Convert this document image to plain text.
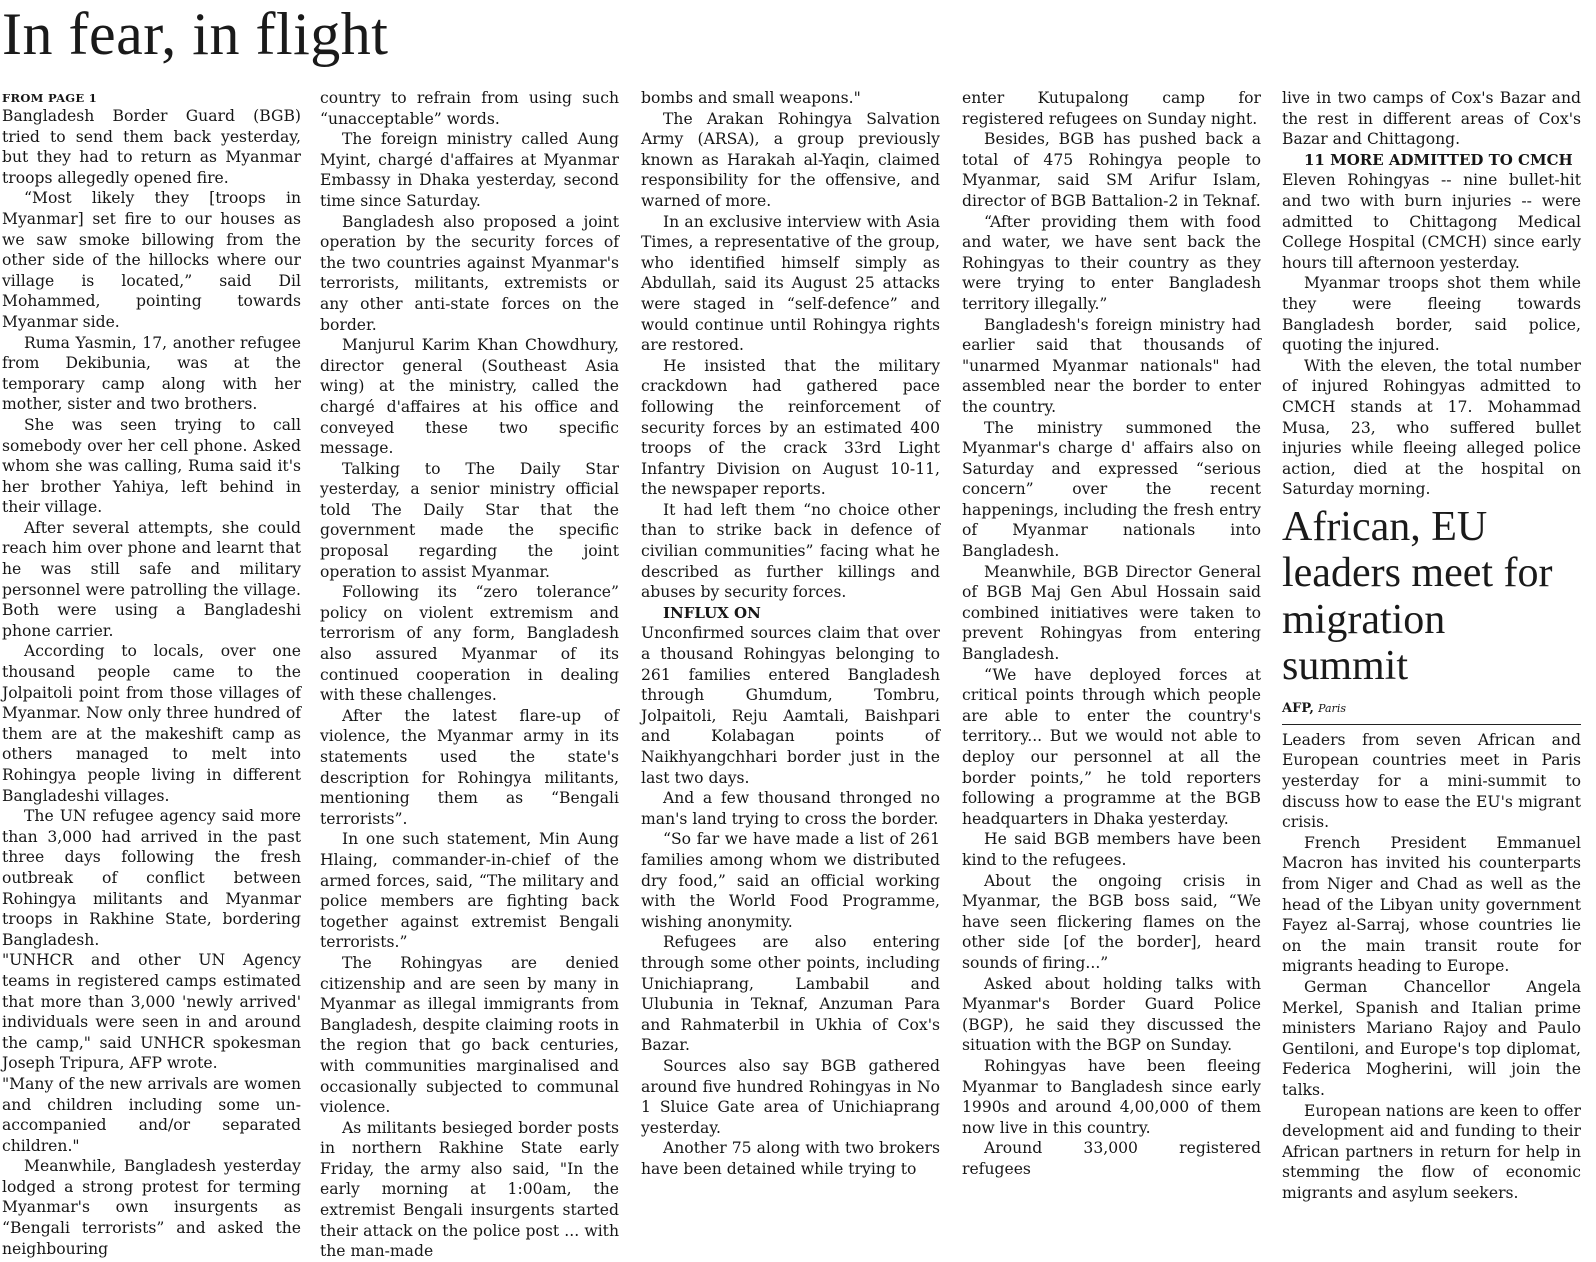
In fear, in flight
FROM PAGE 1

Bangladesh Border Guard (BGB) tried to send them back yesterday, but they had to return as Myanmar troops allegedly opened fire.

“Most likely they [troops in Myanmar] set fire to our houses as we saw smoke billowing from the other side of the hillocks where our village is located,” said Dil Mohammed, pointing towards Myanmar side.

Ruma Yasmin, 17, another refugee from Dekibunia, was at the temporary camp along with her mother, sister and two brothers.

She was seen trying to call somebody over her cell phone. Asked whom she was calling, Ruma said it's her brother Yahiya, left behind in their village.

After several attempts, she could reach him over phone and learnt that he was still safe and military personnel were patrolling the village. Both were using a Bangladeshi phone carrier.

According to locals, over one thousand people came to the Jolpaitoli point from those villages of Myanmar. Now only three hundred of them are at the makeshift camp as others managed to melt into Rohingya people living in different Bangladeshi villages.

The UN refugee agency said more than 3,000 had arrived in the past three days following the fresh outbreak of conflict between Rohingya militants and Myanmar troops in Rakhine State, bordering Bangladesh.

"UNHCR and other UN Agency teams in registered camps estimated that more than 3,000 'newly arrived' individuals were seen in and around the camp," said UNHCR spokesman Joseph Tripura, AFP wrote.

"Many of the new arrivals are women and children including some un-accompanied and/or separated children."

Meanwhile, Bangladesh yesterday lodged a strong protest for terming Myanmar's own insurgents as “Bengali terrorists” and asked the neighbouring

country to refrain from using such “unacceptable” words.

The foreign ministry called Aung Myint, chargé d'affaires at Myanmar Embassy in Dhaka yesterday, second time since Saturday.

Bangladesh also proposed a joint operation by the security forces of the two countries against Myanmar's terrorists, militants, extremists or any other anti-state forces on the border.

Manjurul Karim Khan Chowdhury, director general (Southeast Asia wing) at the ministry, called the chargé d'affaires at his office and conveyed these two specific message.

Talking to The Daily Star yesterday, a senior ministry official told The Daily Star that the government made the specific proposal regarding the joint operation to assist Myanmar.

Following its “zero tolerance” policy on violent extremism and terrorism of any form, Bangladesh also assured Myanmar of its continued cooperation in dealing with these challenges.

After the latest flare-up of violence, the Myanmar army in its statements used the state's description for Rohingya militants, mentioning them as “Bengali terrorists”.

In one such statement, Min Aung Hlaing, commander-in-chief of the armed forces, said, “The military and police members are fighting back together against extremist Bengali terrorists.”

The Rohingyas are denied citizenship and are seen by many in Myanmar as illegal immigrants from Bangladesh, despite claiming roots in the region that go back centuries, with communities marginalised and occasionally subjected to communal violence.

As militants besieged border posts in northern Rakhine State early Friday, the army also said, "In the early morning at 1:00am, the extremist Bengali insurgents started their attack on the police post ... with the man-made

bombs and small weapons."

The Arakan Rohingya Salvation Army (ARSA), a group previously known as Harakah al-Yaqin, claimed responsibility for the offensive, and warned of more.

In an exclusive interview with Asia Times, a representative of the group, who identified himself simply as Abdullah, said its August 25 attacks were staged in “self-defence” and would continue until Rohingya rights are restored.

He insisted that the military crackdown had gathered pace following the reinforcement of security forces by an estimated 400 troops of the crack 33rd Light Infantry Division on August 10-11, the newspaper reports.

It had left them “no choice other than to strike back in defence of civilian communities” facing what he described as further killings and abuses by security forces.

INFLUX ON

Unconfirmed sources claim that over a thousand Rohingyas belonging to 261 families entered Bangladesh through Ghumdum, Tombru, Jolpaitoli, Reju Aamtali, Baishpari and Kolabagan points of Naikhyangchhari border just in the last two days.

And a few thousand thronged no man's land trying to cross the border.

“So far we have made a list of 261 families among whom we distributed dry food,” said an official working with the World Food Programme, wishing anonymity.

Refugees are also entering through some other points, including Unichiaprang, Lambabil and Ulubunia in Teknaf, Anzuman Para and Rahmaterbil in Ukhia of Cox's Bazar.

Sources also say BGB gathered around five hundred Rohingyas in No 1 Sluice Gate area of Unichiaprang yesterday.

Another 75 along with two brokers have been detained while trying to

enter Kutupalong camp for registered refugees on Sunday night.

Besides, BGB has pushed back a total of 475 Rohingya people to Myanmar, said SM Arifur Islam, director of BGB Battalion-2 in Teknaf.

“After providing them with food and water, we have sent back the Rohingyas to their country as they were trying to enter Bangladesh territory illegally.”

Bangladesh's foreign ministry had earlier said that thousands of "unarmed Myanmar nationals" had assembled near the border to enter the country.

The ministry summoned the Myanmar's charge d' affairs also on Saturday and expressed “serious concern” over the recent happenings, including the fresh entry of Myanmar nationals into Bangladesh.

Meanwhile, BGB Director General of BGB Maj Gen Abul Hossain said combined initiatives were taken to prevent Rohingyas from entering Bangladesh.

“We have deployed forces at critical points through which people are able to enter the country's territory... But we would not able to deploy our personnel at all the border points,” he told reporters following a programme at the BGB headquarters in Dhaka yesterday.

He said BGB members have been kind to the refugees.

About the ongoing crisis in Myanmar, the BGB boss said, “We have seen flickering flames on the other side [of the border], heard sounds of firing...”

Asked about holding talks with Myanmar's Border Guard Police (BGP), he said they discussed the situation with the BGP on Sunday.

Rohingyas have been fleeing Myanmar to Bangladesh since early 1990s and around 4,00,000 of them now live in this country.

Around 33,000 registered refugees

live in two camps of Cox's Bazar and the rest in different areas of Cox's Bazar and Chittagong.

11 MORE ADMITTED TO CMCH

Eleven Rohingyas -- nine bullet-hit and two with burn injuries -- were admitted to Chittagong Medical College Hospital (CMCH) since early hours till afternoon yesterday.

Myanmar troops shot them while they were fleeing towards Bangladesh border, said police, quoting the injured.

With the eleven, the total number of injured Rohingyas admitted to CMCH stands at 17. Mohammad Musa, 23, who suffered bullet injuries while fleeing alleged police action, died at the hospital on Saturday morning.

African, EU leaders meet for migration summit
AFP, Paris

Leaders from seven African and European countries meet in Paris yesterday for a mini-summit to discuss how to ease the EU's migrant crisis.

French President Emmanuel Macron has invited his counterparts from Niger and Chad as well as the head of the Libyan unity government Fayez al-Sarraj, whose countries lie on the main transit route for migrants heading to Europe.

German Chancellor Angela Merkel, Spanish and Italian prime ministers Mariano Rajoy and Paulo Gentiloni, and Europe's top diplomat, Federica Mogherini, will join the talks.

European nations are keen to offer development aid and funding to their African partners in return for help in stemming the flow of economic migrants and asylum seekers.
